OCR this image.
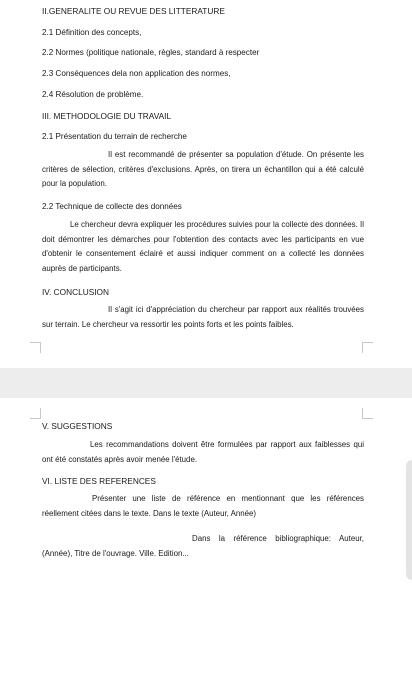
II.GENERALITE OU REVUE DES LITTERATURE
2.1 Définition des concepts,
2.2 Normes (politique nationale, règles, standard à respecter
2.3 Conséquences dela non application des normes,
2.4 Résolution de problème.
III. METHODOLOGIE DU TRAVAIL
2.1 Présentation du terrain de recherche
Il est recommandé de présenter sa population d'étude. On présente les critères de sélection, critères d'exclusions. Après, on tirera un échantillon qui a été calculé pour la population.
2.2 Technique de collecte des données
Le chercheur devra expliquer les procédures suivies pour la collecte des données. Il doit démontrer les démarches pour l'obtention des contacts avec les participants en vue d'obtenir le consentement éclairé et aussi indiquer comment on a collecté les données auprès de participants.
IV. CONCLUSION
Il s'agit ici d'appréciation du chercheur par rapport aux réalités trouvées sur terrain. Le chercheur va ressortir les points forts et les points faibles.
V. SUGGESTIONS
Les recommandations doivent être formulées par rapport aux faiblesses qui ont été constatés après avoir menée l'étude.
VI. LISTE DES REFERENCES
Présenter une liste de référence en mentionnant que les références réellement citées dans le texte. Dans le texte (Auteur, Année)
Dans la référence bibliographique: Auteur, (Année), Titre de l'ouvrage. Ville. Edition...
